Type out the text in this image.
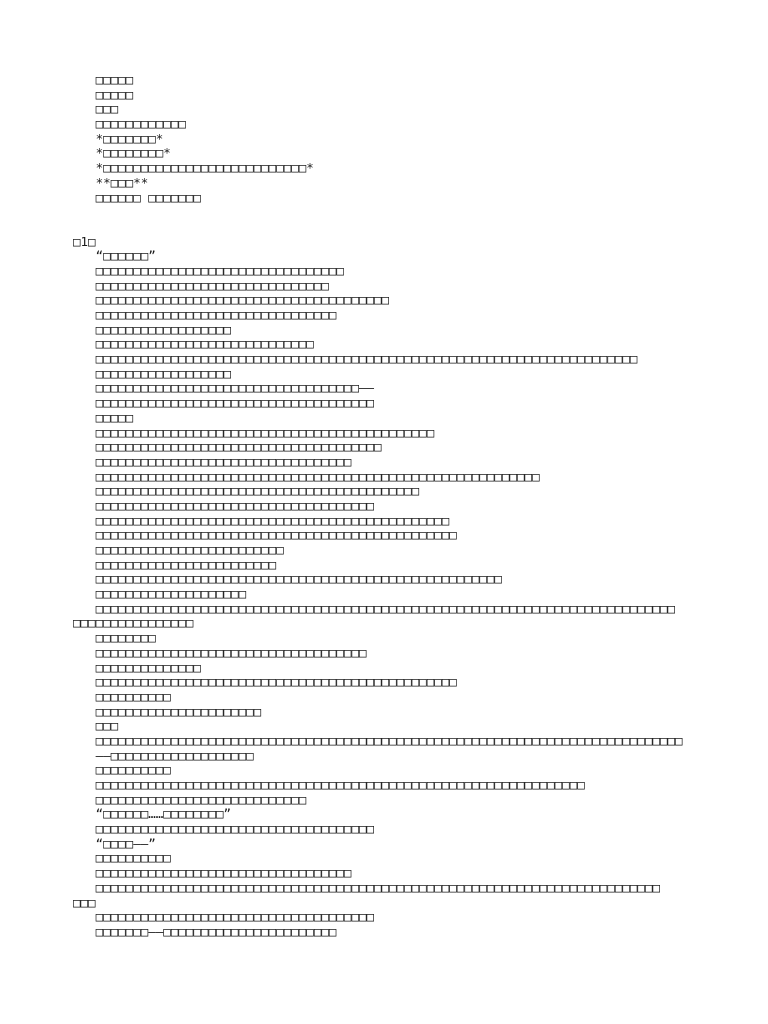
□□□□□
□□□□□
□□□
□□□□□□□□□□□□
*□□□□□□□*
*□□□□□□□□*
*□□□□□□□□□□□□□□□□□□□□□□□□□□□*
**□□□**
□□□□□□ □□□□□□□
□1□
“□□□□□□”
□□□□□□□□□□□□□□□□□□□□□□□□□□□□□□□□□
□□□□□□□□□□□□□□□□□□□□□□□□□□□□□□□
□□□□□□□□□□□□□□□□□□□□□□□□□□□□□□□□□□□□□□□
□□□□□□□□□□□□□□□□□□□□□□□□□□□□□□□□
□□□□□□□□□□□□□□□□□□
□□□□□□□□□□□□□□□□□□□□□□□□□□□□□
□□□□□□□□□□□□□□□□□□□□□□□□□□□□□□□□□□□□□□□□□□□□□□□□□□□□□□□□□□□□□□□□□□□□□□□□
□□□□□□□□□□□□□□□□□□
□□□□□□□□□□□□□□□□□□□□□□□□□□□□□□□□□□□——
□□□□□□□□□□□□□□□□□□□□□□□□□□□□□□□□□□□□□
□□□□□
□□□□□□□□□□□□□□□□□□□□□□□□□□□□□□□□□□□□□□□□□□□□□
□□□□□□□□□□□□□□□□□□□□□□□□□□□□□□□□□□□□□□
□□□□□□□□□□□□□□□□□□□□□□□□□□□□□□□□□□
□□□□□□□□□□□□□□□□□□□□□□□□□□□□□□□□□□□□□□□□□□□□□□□□□□□□□□□□□□□
□□□□□□□□□□□□□□□□□□□□□□□□□□□□□□□□□□□□□□□□□□□
□□□□□□□□□□□□□□□□□□□□□□□□□□□□□□□□□□□□□
□□□□□□□□□□□□□□□□□□□□□□□□□□□□□□□□□□□□□□□□□□□□□□□
□□□□□□□□□□□□□□□□□□□□□□□□□□□□□□□□□□□□□□□□□□□□□□□□
□□□□□□□□□□□□□□□□□□□□□□□□□
□□□□□□□□□□□□□□□□□□□□□□□□
□□□□□□□□□□□□□□□□□□□□□□□□□□□□□□□□□□□□□□□□□□□□□□□□□□□□□□
□□□□□□□□□□□□□□□□□□□□
□□□□□□□□□□□□□□□□□□□□□□□□□□□□□□□□□□□□□□□□□□□□□□□□□□□□□□□□□□□□□□□□□□□□□□□□□□□□□
□□□□□□□□□□□□□□□□
□□□□□□□□
□□□□□□□□□□□□□□□□□□□□□□□□□□□□□□□□□□□□
□□□□□□□□□□□□□□
□□□□□□□□□□□□□□□□□□□□□□□□□□□□□□□□□□□□□□□□□□□□□□□□
□□□□□□□□□□
□□□□□□□□□□□□□□□□□□□□□□
□□□
□□□□□□□□□□□□□□□□□□□□□□□□□□□□□□□□□□□□□□□□□□□□□□□□□□□□□□□□□□□□□□□□□□□□□□□□□□□□□□
——□□□□□□□□□□□□□□□□□□□
□□□□□□□□□□
□□□□□□□□□□□□□□□□□□□□□□□□□□□□□□□□□□□□□□□□□□□□□□□□□□□□□□□□□□□□□□□□□
□□□□□□□□□□□□□□□□□□□□□□□□□□□□
“□□□□□□……□□□□□□□□”
□□□□□□□□□□□□□□□□□□□□□□□□□□□□□□□□□□□□□
“□□□□——”
□□□□□□□□□□
□□□□□□□□□□□□□□□□□□□□□□□□□□□□□□□□□□
□□□□□□□□□□□□□□□□□□□□□□□□□□□□□□□□□□□□□□□□□□□□□□□□□□□□□□□□□□□□□□□□□□□□□□□□□□□
□□□
□□□□□□□□□□□□□□□□□□□□□□□□□□□□□□□□□□□□□
□□□□□□□——□□□□□□□□□□□□□□□□□□□□□□□
